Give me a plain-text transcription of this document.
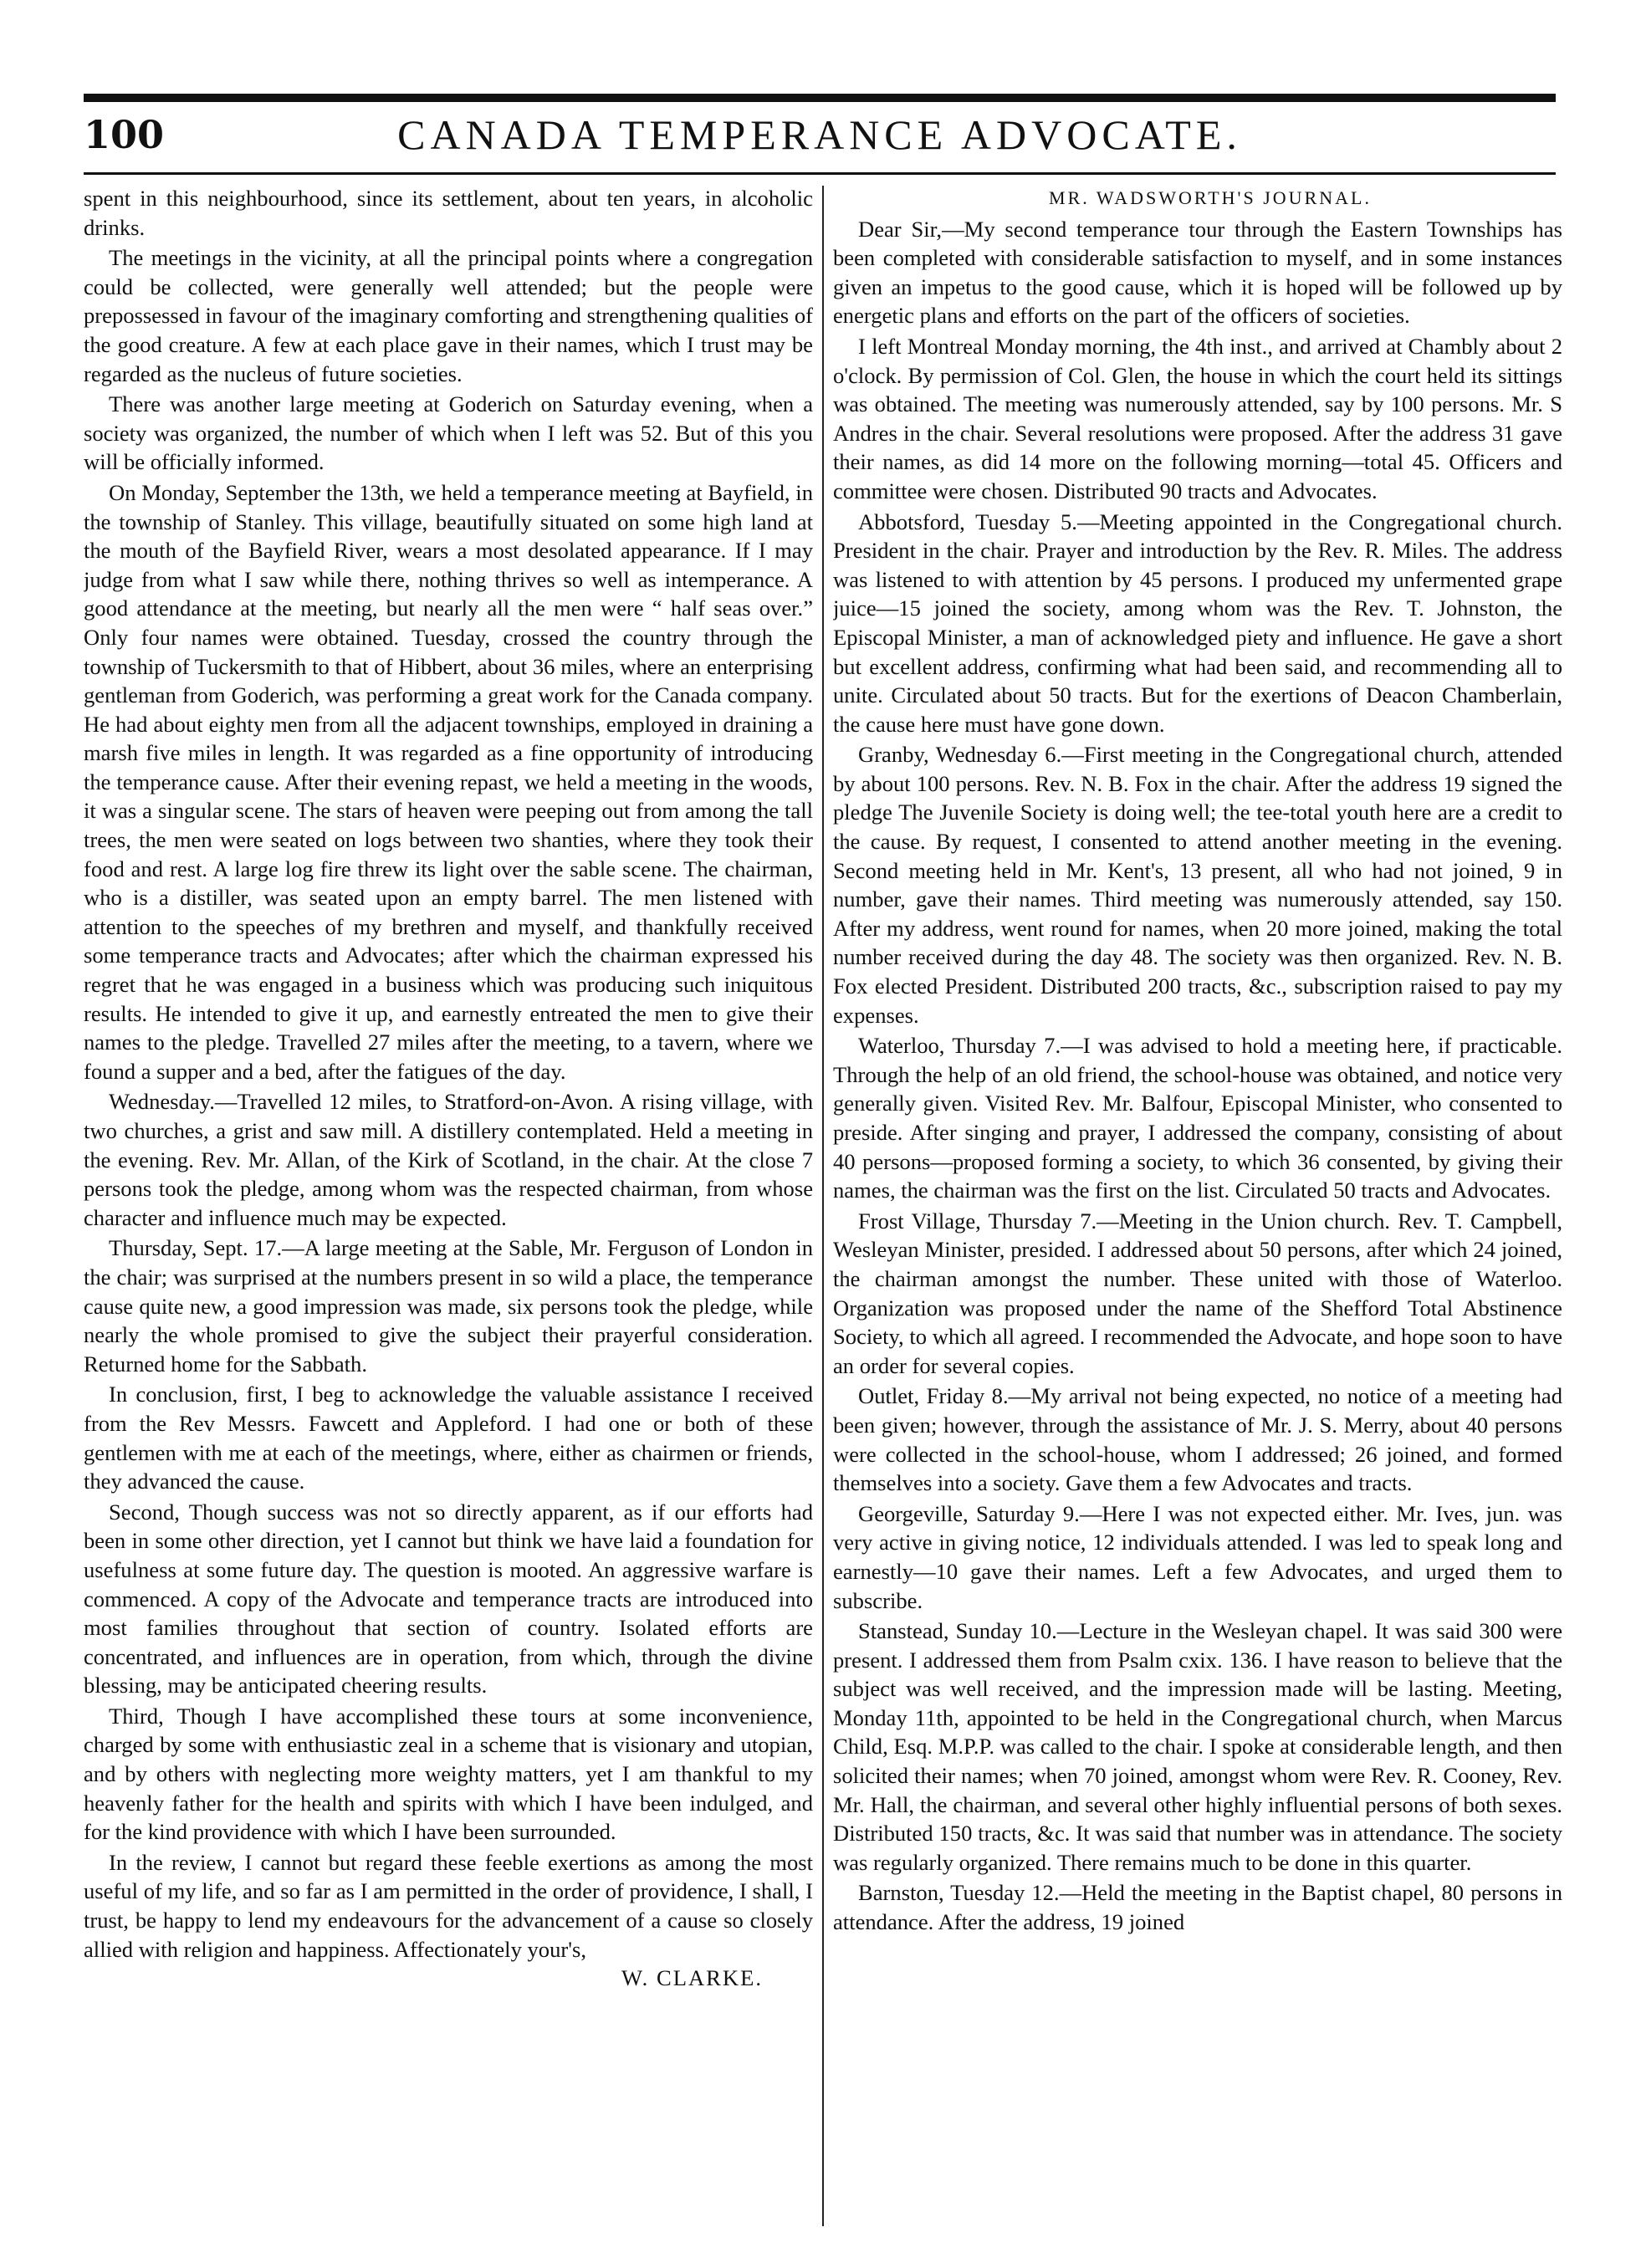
100	CANADA TEMPERANCE ADVOCATE.

spent in this neighbourhood, since its settlement, about ten years, in alcoholic drinks.

The meetings in the vicinity, at all the principal points where a congregation could be collected, were generally well attended; but the people were prepossessed in favour of the imaginary comforting and strengthening qualities of the good creature. A few at each place gave in their names, which I trust may be regarded as the nucleus of future societies.

There was another large meeting at Goderich on Saturday evening, when a society was organized, the number of which when I left was 52. But of this you will be officially informed.

On Monday, September the 13th, we held a temperance meeting at Bayfield, in the township of Stanley. This village, beautifully situated on some high land at the mouth of the Bayfield River, wears a most desolated appearance. If I may judge from what I saw while there, nothing thrives so well as intemperance. A good attendance at the meeting, but nearly all the men were “ half seas over.” Only four names were obtained. Tuesday, crossed the country through the township of Tuckersmith to that of Hibbert, about 36 miles, where an enterprising gentleman from Goderich, was performing a great work for the Canada company. He had about eighty men from all the adjacent townships, employed in draining a marsh five miles in length. It was regarded as a fine opportunity of introducing the temperance cause. After their evening repast, we held a meeting in the woods, it was a singular scene. The stars of heaven were peeping out from among the tall trees, the men were seated on logs between two shanties, where they took their food and rest. A large log fire threw its light over the sable scene. The chairman, who is a distiller, was seated upon an empty barrel. The men listened with attention to the speeches of my brethren and myself, and thankfully received some temperance tracts and Advocates; after which the chairman expressed his regret that he was engaged in a business which was producing such iniquitous results. He intended to give it up, and earnestly entreated the men to give their names to the pledge. Travelled 27 miles after the meeting, to a tavern, where we found a supper and a bed, after the fatigues of the day.

Wednesday.—Travelled 12 miles, to Stratford-on-Avon. A rising village, with two churches, a grist and saw mill. A distillery contemplated. Held a meeting in the evening. Rev. Mr. Allan, of the Kirk of Scotland, in the chair. At the close 7 persons took the pledge, among whom was the respected chairman, from whose character and influence much may be expected.

Thursday, Sept. 17.—A large meeting at the Sable, Mr. Ferguson of London in the chair; was surprised at the numbers present in so wild a place, the temperance cause quite new, a good impression was made, six persons took the pledge, while nearly the whole promised to give the subject their prayerful consideration. Returned home for the Sabbath.

In conclusion, first, I beg to acknowledge the valuable assistance I received from the Rev Messrs. Fawcett and Appleford. I had one or both of these gentlemen with me at each of the meetings, where, either as chairmen or friends, they advanced the cause.

Second, Though success was not so directly apparent, as if our efforts had been in some other direction, yet I cannot but think we have laid a foundation for usefulness at some future day. The question is mooted. An aggressive warfare is commenced. A copy of the Advocate and temperance tracts are introduced into most families throughout that section of country. Isolated efforts are concentrated, and influences are in operation, from which, through the divine blessing, may be anticipated cheering results.

Third, Though I have accomplished these tours at some inconvenience, charged by some with enthusiastic zeal in a scheme that is visionary and utopian, and by others with neglecting more weighty matters, yet I am thankful to my heavenly father for the health and spirits with which I have been indulged, and for the kind providence with which I have been surrounded.

In the review, I cannot but regard these feeble exertions as among the most useful of my life, and so far as I am permitted in the order of providence, I shall, I trust, be happy to lend my endeavours for the advancement of a cause so closely allied with religion and happiness. Affectionately your's,

W. CLARKE.

MR. WADSWORTH'S JOURNAL.

Dear Sir,—My second temperance tour through the Eastern Townships has been completed with considerable satisfaction to myself, and in some instances given an impetus to the good cause, which it is hoped will be followed up by energetic plans and efforts on the part of the officers of societies.

I left Montreal Monday morning, the 4th inst., and arrived at Chambly about 2 o'clock. By permission of Col. Glen, the house in which the court held its sittings was obtained. The meeting was numerously attended, say by 100 persons. Mr. S Andres in the chair. Several resolutions were proposed. After the address 31 gave their names, as did 14 more on the following morning—total 45. Officers and committee were chosen. Distributed 90 tracts and Advocates.

Abbotsford, Tuesday 5.—Meeting appointed in the Congregational church. President in the chair. Prayer and introduction by the Rev. R. Miles. The address was listened to with attention by 45 persons. I produced my unfermented grape juice—15 joined the society, among whom was the Rev. T. Johnston, the Episcopal Minister, a man of acknowledged piety and influence. He gave a short but excellent address, confirming what had been said, and recommending all to unite. Circulated about 50 tracts. But for the exertions of Deacon Chamberlain, the cause here must have gone down.

Granby, Wednesday 6.—First meeting in the Congregational church, attended by about 100 persons. Rev. N. B. Fox in the chair. After the address 19 signed the pledge The Juvenile Society is doing well; the tee-total youth here are a credit to the cause. By request, I consented to attend another meeting in the evening. Second meeting held in Mr. Kent's, 13 present, all who had not joined, 9 in number, gave their names. Third meeting was numerously attended, say 150. After my address, went round for names, when 20 more joined, making the total number received during the day 48. The society was then organized. Rev. N. B. Fox elected President. Distributed 200 tracts, &c., subscription raised to pay my expenses.

Waterloo, Thursday 7.—I was advised to hold a meeting here, if practicable. Through the help of an old friend, the school-house was obtained, and notice very generally given. Visited Rev. Mr. Balfour, Episcopal Minister, who consented to preside. After singing and prayer, I addressed the company, consisting of about 40 persons—proposed forming a society, to which 36 consented, by giving their names, the chairman was the first on the list. Circulated 50 tracts and Advocates.

Frost Village, Thursday 7.—Meeting in the Union church. Rev. T. Campbell, Wesleyan Minister, presided. I addressed about 50 persons, after which 24 joined, the chairman amongst the number. These united with those of Waterloo. Organization was proposed under the name of the Shefford Total Abstinence Society, to which all agreed. I recommended the Advocate, and hope soon to have an order for several copies.

Outlet, Friday 8.—My arrival not being expected, no notice of a meeting had been given; however, through the assistance of Mr. J. S. Merry, about 40 persons were collected in the school-house, whom I addressed; 26 joined, and formed themselves into a society. Gave them a few Advocates and tracts.

Georgeville, Saturday 9.—Here I was not expected either. Mr. Ives, jun. was very active in giving notice, 12 individuals attended. I was led to speak long and earnestly—10 gave their names. Left a few Advocates, and urged them to subscribe.

Stanstead, Sunday 10.—Lecture in the Wesleyan chapel. It was said 300 were present. I addressed them from Psalm cxix. 136. I have reason to believe that the subject was well received, and the impression made will be lasting. Meeting, Monday 11th, appointed to be held in the Congregational church, when Marcus Child, Esq. M.P.P. was called to the chair. I spoke at considerable length, and then solicited their names; when 70 joined, amongst whom were Rev. R. Cooney, Rev. Mr. Hall, the chairman, and several other highly influential persons of both sexes. Distributed 150 tracts, &c. It was said that number was in attendance. The society was regularly organized. There remains much to be done in this quarter.

Barnston, Tuesday 12.—Held the meeting in the Baptist chapel, 80 persons in attendance. After the address, 19 joined
